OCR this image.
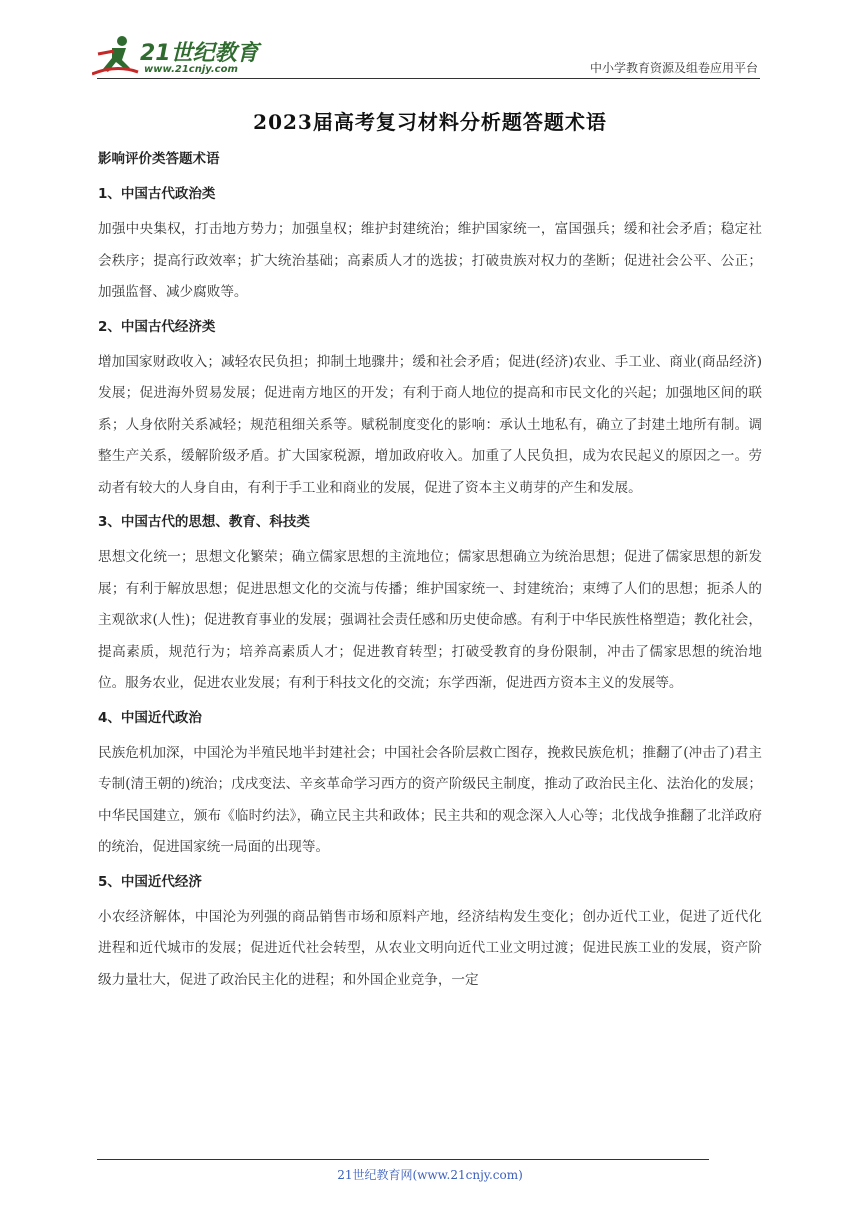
21世纪教育
www.21cnjy.com	中小学教育资源及组卷应用平台
2023届高考复习材料分析题答题术语
影响评价类答题术语
1、中国古代政治类

加强中央集权，打击地方势力；加强皇权；维护封建统治；维护国家统一，富国强兵；缓和社会矛盾；稳定社会秩序；提高行政效率；扩大统治基础；高素质人才的选拔；打破贵族对权力的垄断；促进社会公平、公正；加强监督、减少腐败等。

2、中国古代经济类

增加国家财政收入；减轻农民负担；抑制土地骤井；缓和社会矛盾；促进(经济)农业、手工业、商业(商品经济)发展；促进海外贸易发展；促进南方地区的开发；有利于商人地位的提高和市民文化的兴起；加强地区间的联系；人身依附关系减轻；规范租细关系等。赋税制度变化的影响：承认土地私有，确立了封建土地所有制。调整生产关系，缓解阶级矛盾。扩大国家税源，增加政府收入。加重了人民负担，成为农民起义的原因之一。劳动者有较大的人身自由，有利于手工业和商业的发展，促进了资本主义萌芽的产生和发展。

3、中国古代的思想、教育、科技类

思想文化统一；思想文化繁荣；确立儒家思想的主流地位；儒家思想确立为统治思想；促进了儒家思想的新发展；有利于解放思想；促进思想文化的交流与传播；维护国家统一、封建统治；束缚了人们的思想；扼杀人的主观欲求(人性)；促进教育事业的发展；强调社会责任感和历史使命感。有利于中华民族性格塑造；教化社会，提高素质，规范行为；培养高素质人才；促进教育转型；打破受教育的身份限制，冲击了儒家思想的统治地位。服务农业，促进农业发展；有利于科技文化的交流；东学西渐，促进西方资本主义的发展等。

4、中国近代政治

民族危机加深，中国沦为半殖民地半封建社会；中国社会各阶层救亡图存，挽救民族危机；推翻了(冲击了)君主专制(清王朝的)统治；戊戌变法、辛亥革命学习西方的资产阶级民主制度，推动了政治民主化、法治化的发展；中华民国建立，颁布《临时约法》，确立民主共和政体；民主共和的观念深入人心等；北伐战争推翻了北洋政府的统治，促进国家统一局面的出现等。

5、中国近代经济

小农经济解体，中国沦为列强的商品销售市场和原料产地，经济结构发生变化；创办近代工业，促进了近代化进程和近代城市的发展；促进近代社会转型，从农业文明向近代工业文明过渡；促进民族工业的发展，资产阶级力量壮大，促进了政治民主化的进程；和外国企业竞争，一定

21世纪教育网(www.21cnjy.com)
